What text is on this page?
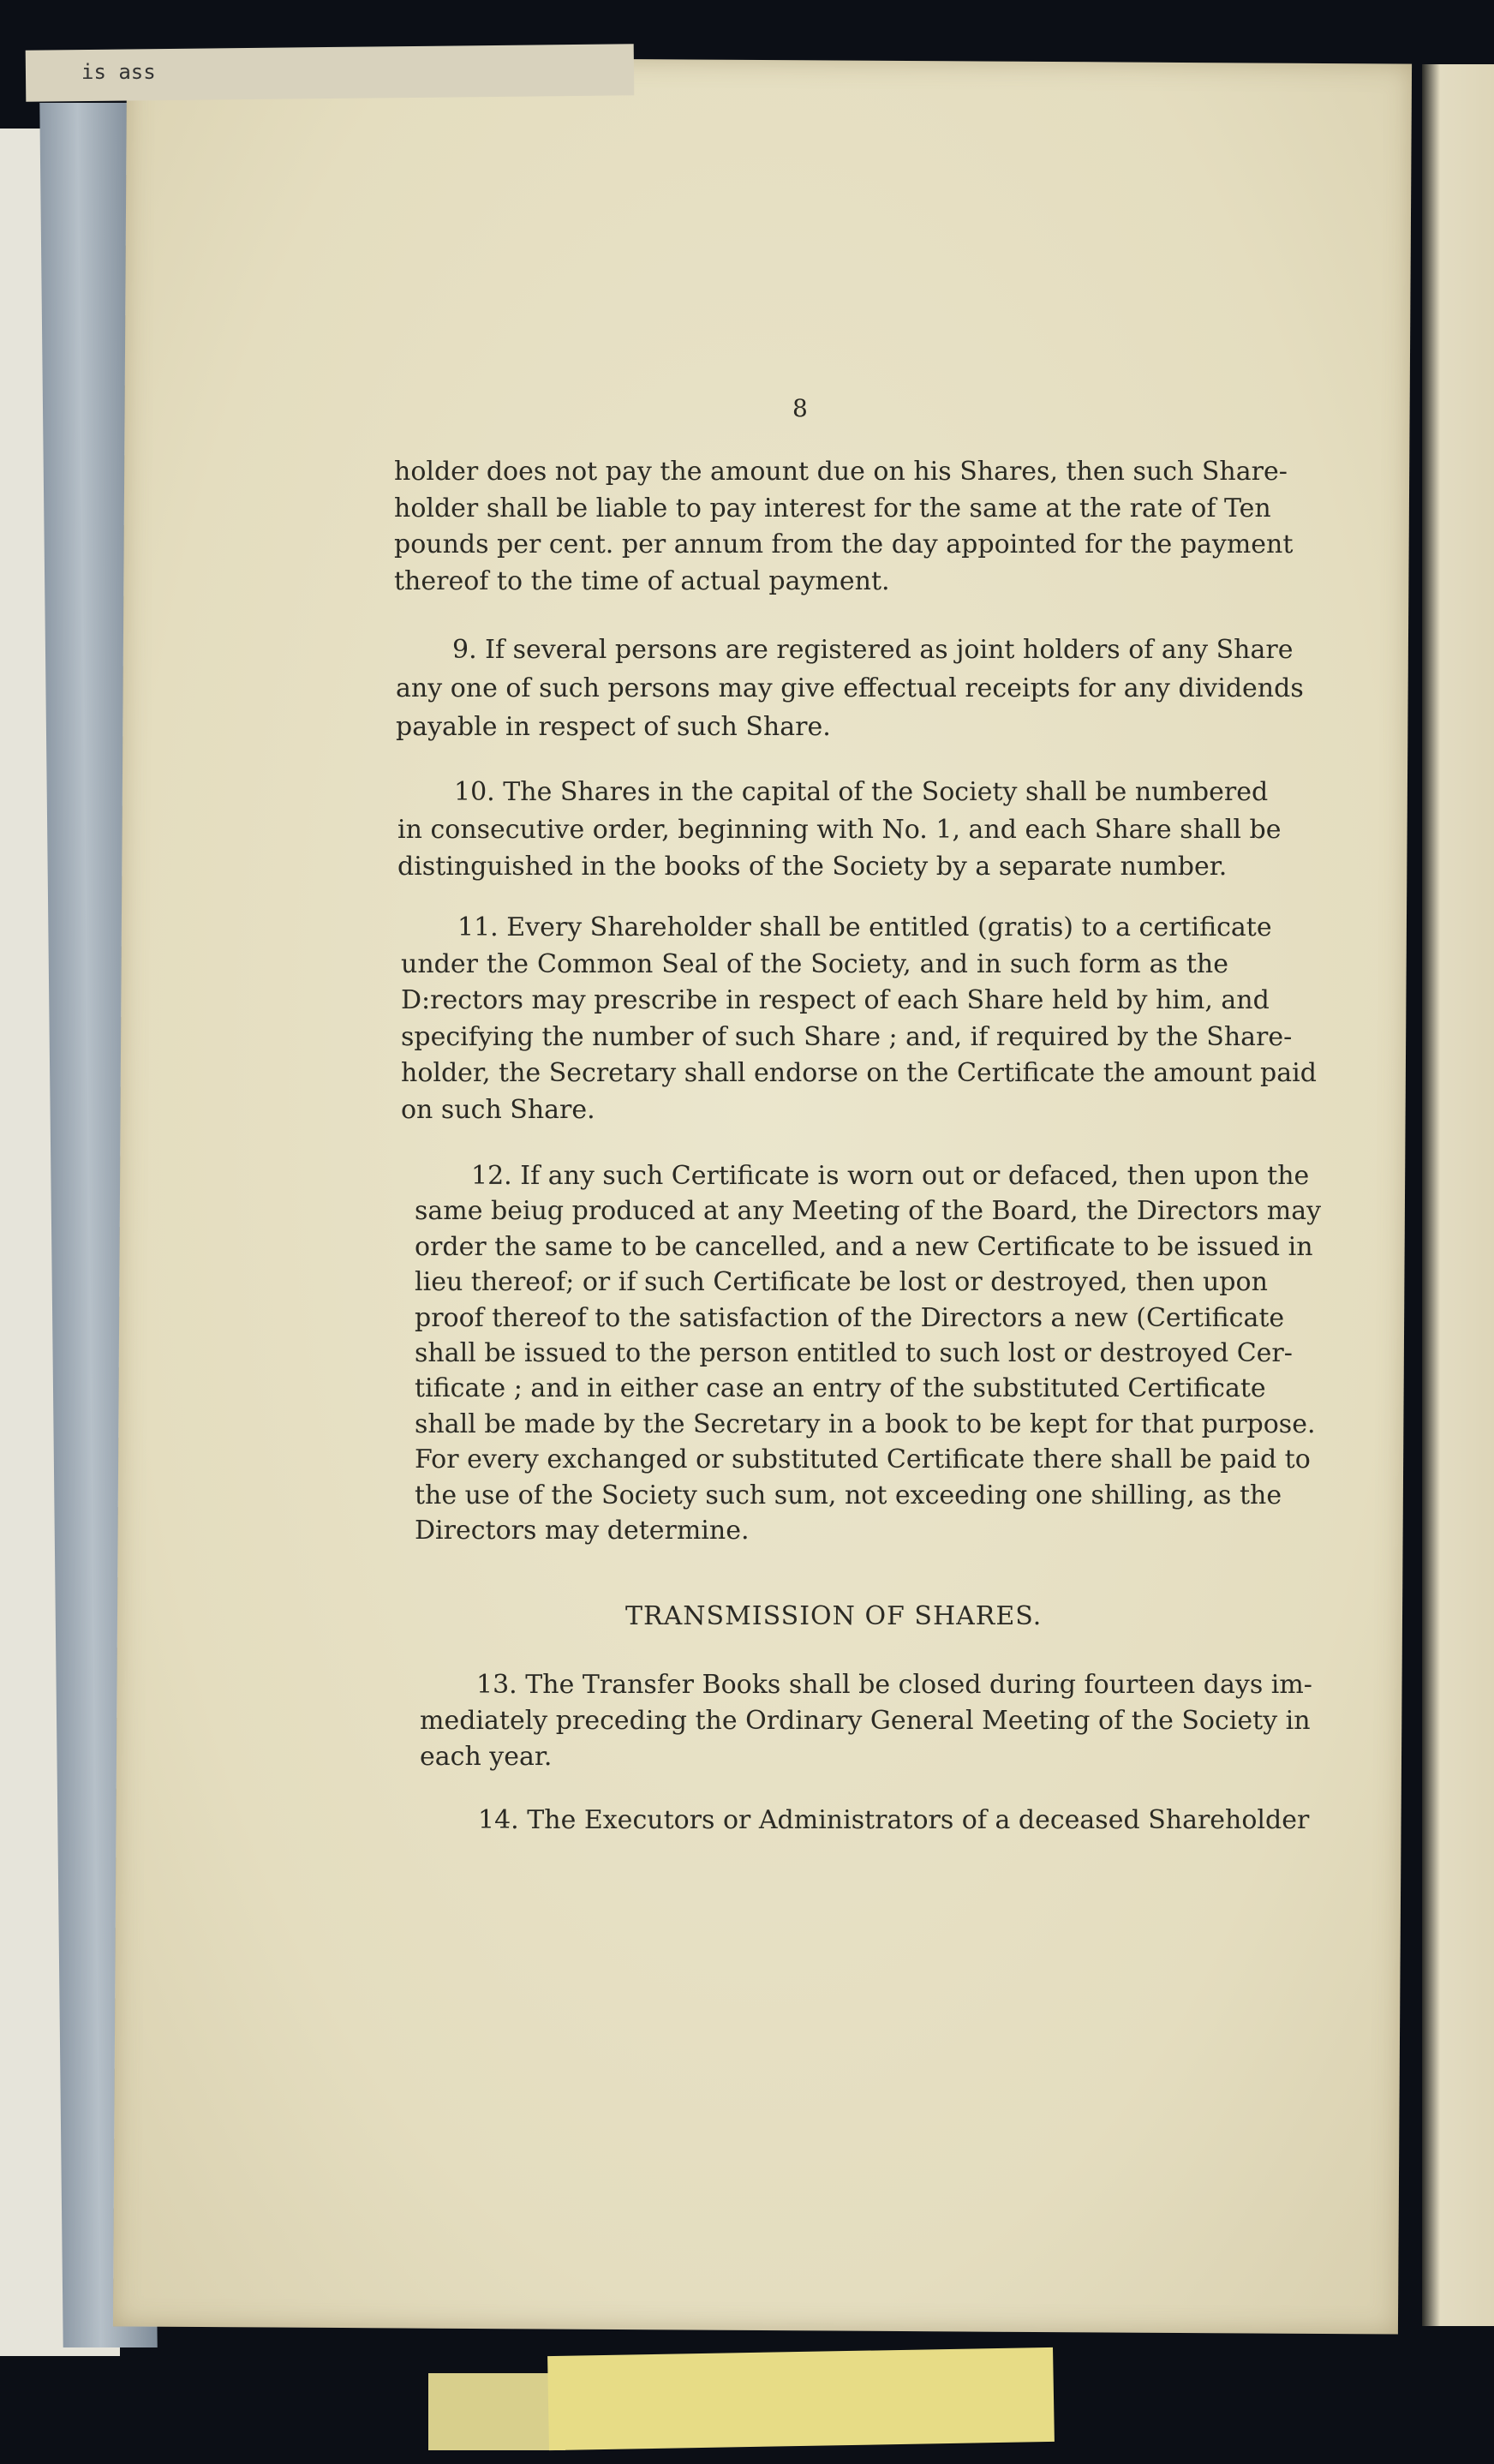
is ass
8
TRANSMISSION OF SHARES.
holder does not pay the amount due on his Shares, then such Share-
holder shall be liable to pay interest for the same at the rate of Ten
pounds per cent. per annum from the day appointed for the payment
thereof to the time of actual payment.
9. If several persons are registered as joint holders of any Share
any one of such persons may give effectual receipts for any dividends
payable in respect of such Share.
10. The Shares in the capital of the Society shall be numbered
in consecutive order, beginning with No. 1, and each Share shall be
distinguished in the books of the Society by a separate number.
11. Every Shareholder shall be entitled (gratis) to a certificate
under the Common Seal of the Society, and in such form as the
D:rectors may prescribe in respect of each Share held by him, and
specifying the number of such Share ; and, if required by the Share-
holder, the Secretary shall endorse on the Certificate the amount paid
on such Share.
12. If any such Certificate is worn out or defaced, then upon the
same beiug produced at any Meeting of the Board, the Directors may
order the same to be cancelled, and a new Certificate to be issued in
lieu thereof; or if such Certificate be lost or destroyed, then upon
proof thereof to the satisfaction of the Directors a new (Certificate
shall be issued to the person entitled to such lost or destroyed Cer-
tificate ; and in either case an entry of the substituted Certificate
shall be made by the Secretary in a book to be kept for that purpose.
For every exchanged or substituted Certificate there shall be paid to
the use of the Society such sum, not exceeding one shilling, as the
Directors may determine.
13. The Transfer Books shall be closed during fourteen days im-
mediately preceding the Ordinary General Meeting of the Society in
each year.
14. The Executors or Administrators of a deceased Shareholder
